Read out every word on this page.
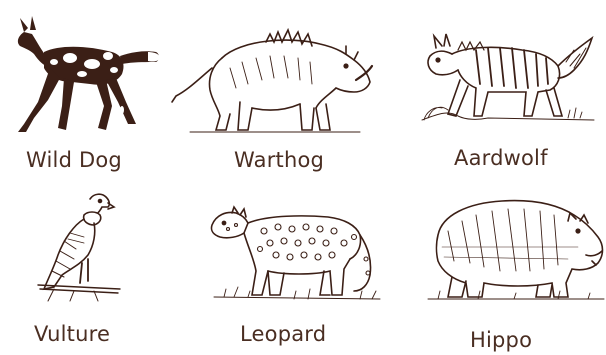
Wild Dog	Warthog	Aardwolf
Vulture	Leopard	Hippo
